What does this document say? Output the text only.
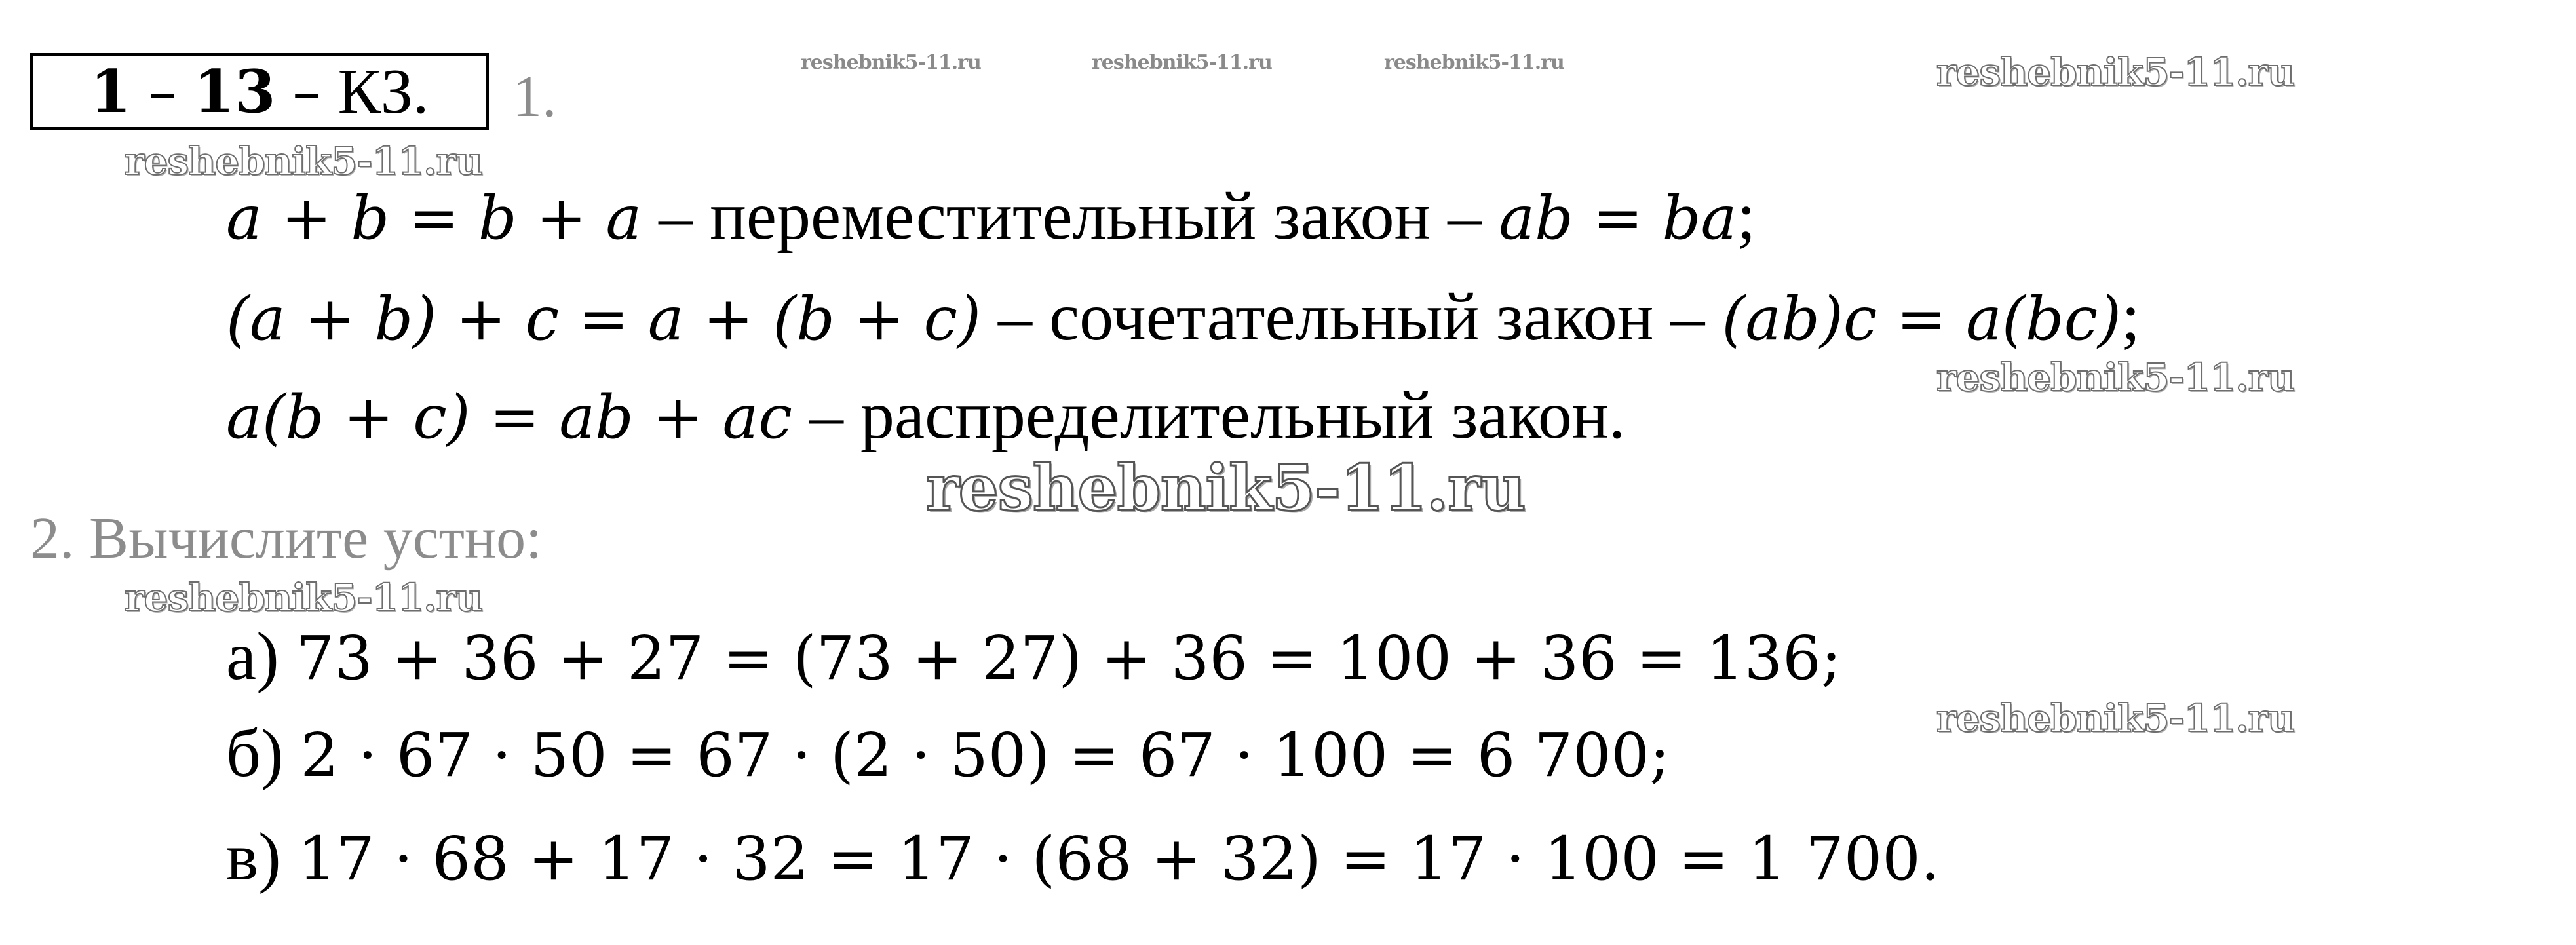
1 – 13 – КЗ. 1.
a + b = b + a – переместительный закон – ab = ba;
(a + b) + c = a + (b + c) – сочетательный закон – (ab)c = a(bc);
a(b + c) = ab + ac – распределительный закон.
2. Вычислите устно:
а) 73 + 36 + 27 = (73 + 27) + 36 = 100 + 36 = 136;
б) 2 · 67 · 50 = 67 · (2 · 50) = 67 · 100 = 6 700;
в) 17 · 68 + 17 · 32 = 17 · (68 + 32) = 17 · 100 = 1 700.
reshebnik5-11.ru	reshebnik5-11.ru	reshebnik5-11.ru	reshebnik5-11.ru
reshebnik5-11.ru
reshebnik5-11.ru
reshebnik5-11.ru
reshebnik5-11.ru
reshebnik5-11.ru
